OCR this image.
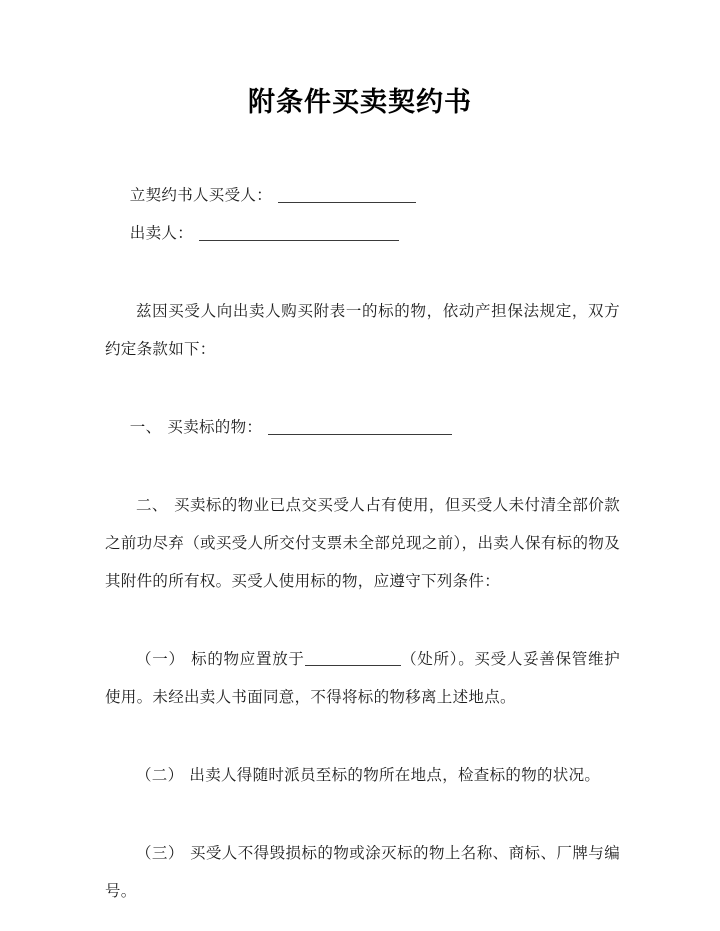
附条件买卖契约书
立契约书人买受人：
出卖人：
兹因买受人向出卖人购买附表一的标的物，依动产担保法规定，双方约定条款如下：
一、 买卖标的物：
二、 买卖标的物业已点交买受人占有使用，但买受人未付清全部价款之前功尽弃（或买受人所交付支票未全部兑现之前），出卖人保有标的物及其附件的所有权。买受人使用标的物，应遵守下列条件：
（一） 标的物应置放于	（处所）。买受人妥善保管维护使用。未经出卖人书面同意，不得将标的物移离上述地点。
（二） 出卖人得随时派员至标的物所在地点，检查标的物的状况。
（三） 买受人不得毁损标的物或涂灭标的物上名称、商标、厂牌与编号。
